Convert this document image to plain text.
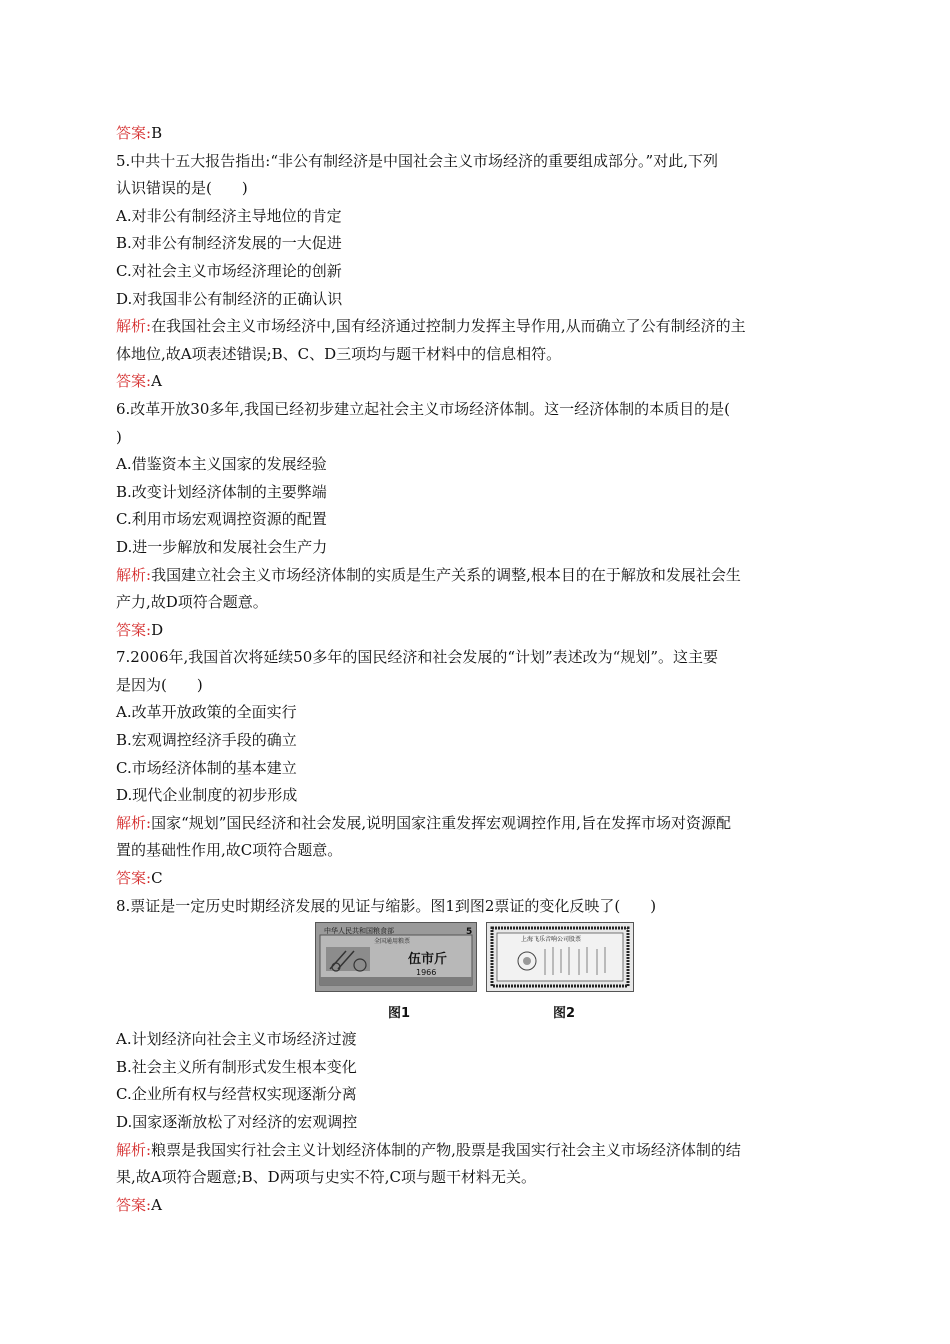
答案:B
5.中共十五大报告指出:“非公有制经济是中国社会主义市场经济的重要组成部分。”对此,下列
认识错误的是(　　)
A.对非公有制经济主导地位的肯定
B.对非公有制经济发展的一大促进
C.对社会主义市场经济理论的创新
D.对我国非公有制经济的正确认识
解析:在我国社会主义市场经济中,国有经济通过控制力发挥主导作用,从而确立了公有制经济的主
体地位,故A项表述错误;B、C、D三项均与题干材料中的信息相符。
答案:A
6.改革开放30多年,我国已经初步建立起社会主义市场经济体制。这一经济体制的本质目的是(
)
A.借鉴资本主义国家的发展经验
B.改变计划经济体制的主要弊端
C.利用市场宏观调控资源的配置
D.进一步解放和发展社会生产力
解析:我国建立社会主义市场经济体制的实质是生产关系的调整,根本目的在于解放和发展社会生
产力,故D项符合题意。
答案:D
7.2006年,我国首次将延续50多年的国民经济和社会发展的“计划”表述改为“规划”。这主要
是因为(　　)
A.改革开放政策的全面实行
B.宏观调控经济手段的确立
C.市场经济体制的基本建立
D.现代企业制度的初步形成
解析:国家“规划”国民经济和社会发展,说明国家注重发挥宏观调控作用,旨在发挥市场对资源配
置的基础性作用,故C项符合题意。
答案:C
8.票证是一定历史时期经济发展的见证与缩影。图1到图2票证的变化反映了(　　)
中华人民共和国粮食部	5
全国通用粮票
伍市斤
1966
上海飞乐音响公司股票
图1	图2
A.计划经济向社会主义市场经济过渡
B.社会主义所有制形式发生根本变化
C.企业所有权与经营权实现逐渐分离
D.国家逐渐放松了对经济的宏观调控
解析:粮票是我国实行社会主义计划经济体制的产物,股票是我国实行社会主义市场经济体制的结
果,故A项符合题意;B、D两项与史实不符,C项与题干材料无关。
答案:A
